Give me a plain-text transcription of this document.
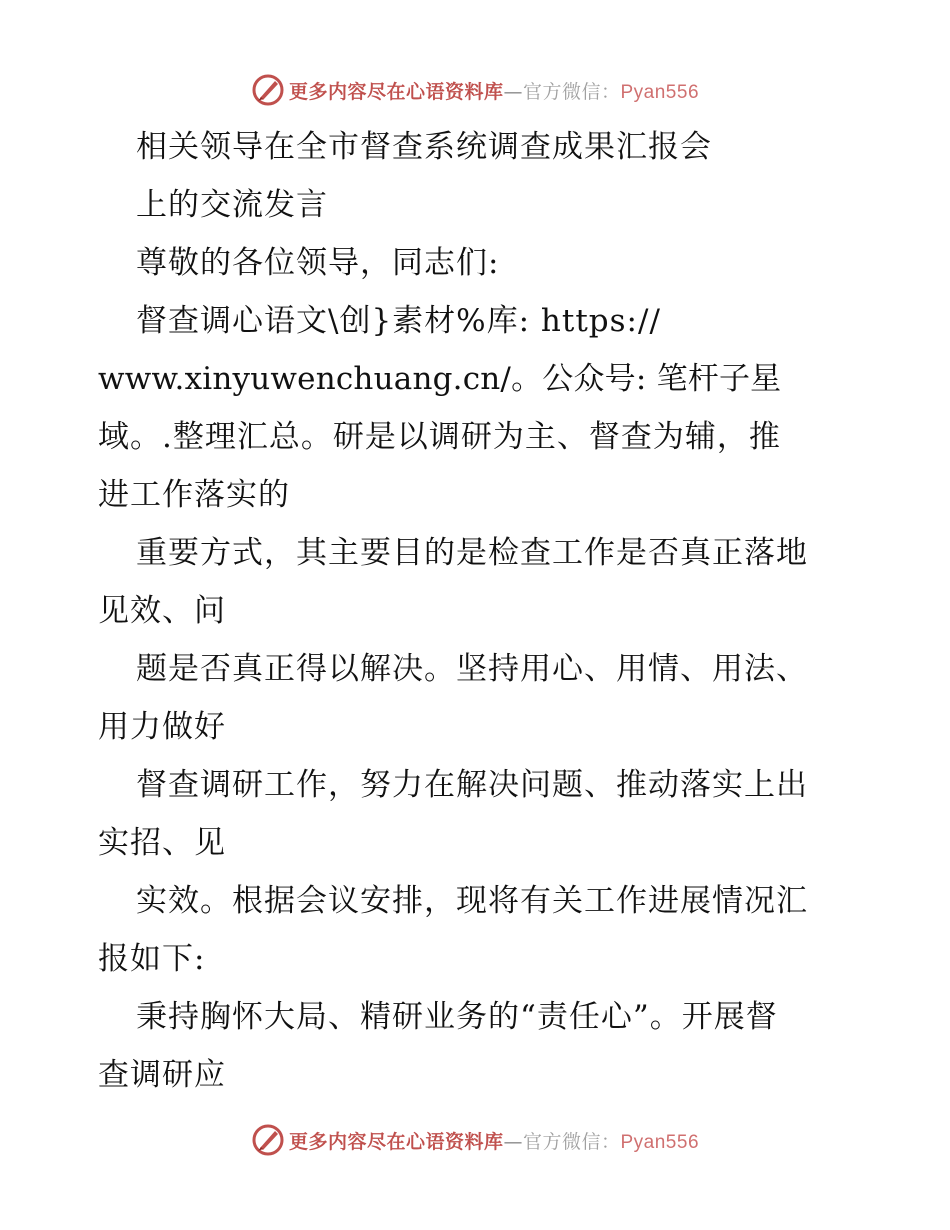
更多内容尽在心语资料库—官方微信：Pyan556
相关领导在全市督查系统调查成果汇报会
上的交流发言
尊敬的各位领导，同志们:
督查调心语文\创}素材%库: https://
www.xinyuwenchuang.cn/。公众号: 笔杆子星
域。.整理汇总。研是以调研为主、督查为辅，推
进工作落实的
重要方式，其主要目的是检查工作是否真正落地
见效、问
题是否真正得以解决。坚持用心、用情、用法、
用力做好
督查调研工作，努力在解决问题、推动落实上出
实招、见
实效。根据会议安排，现将有关工作进展情况汇
报如下:
秉持胸怀大局、精研业务的“责任心”。开展督
查调研应
更多内容尽在心语资料库—官方微信：Pyan556
